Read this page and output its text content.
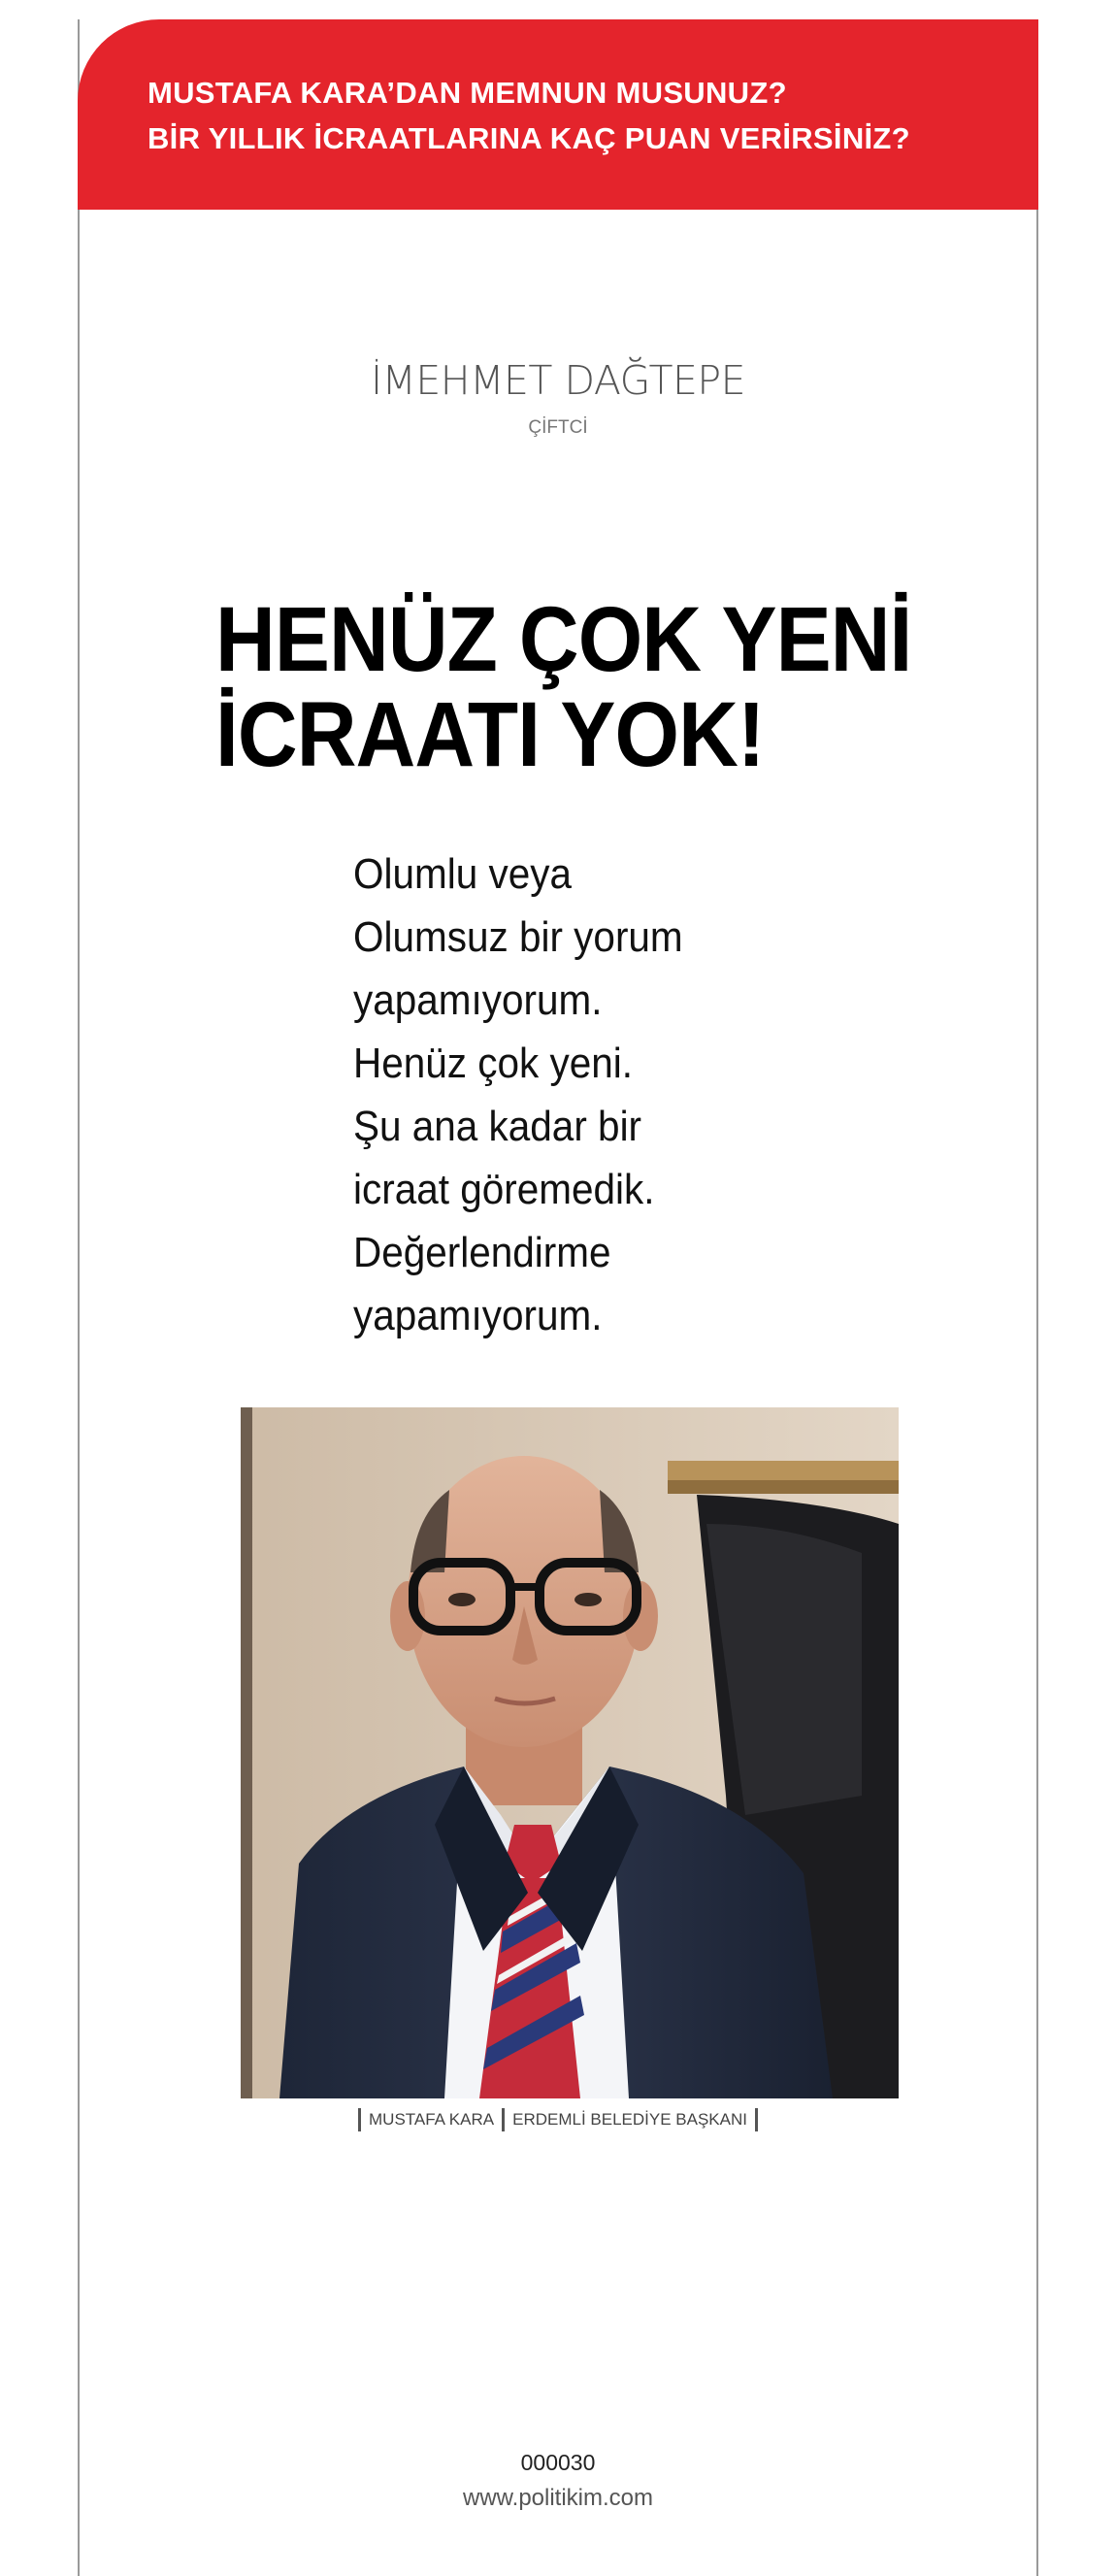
MUSTAFA KARA’DAN MEMNUN MUSUNUZ?
BİR YILLIK İCRAATLARINA KAÇ PUAN VERİRSİNİZ?
İMEHMET DAĞTEPE
ÇİFTCİ
HENÜZ ÇOK YENİ
İCRAATI YOK!
Olumlu veya
Olumsuz bir yorum
yapamıyorum.
Henüz çok yeni.
Şu ana kadar bir
icraat göremedik.
Değerlendirme
yapamıyorum.
MUSTAFA KARA ERDEMLİ BELEDİYE BAŞKANI
000030
www.politikim.com
